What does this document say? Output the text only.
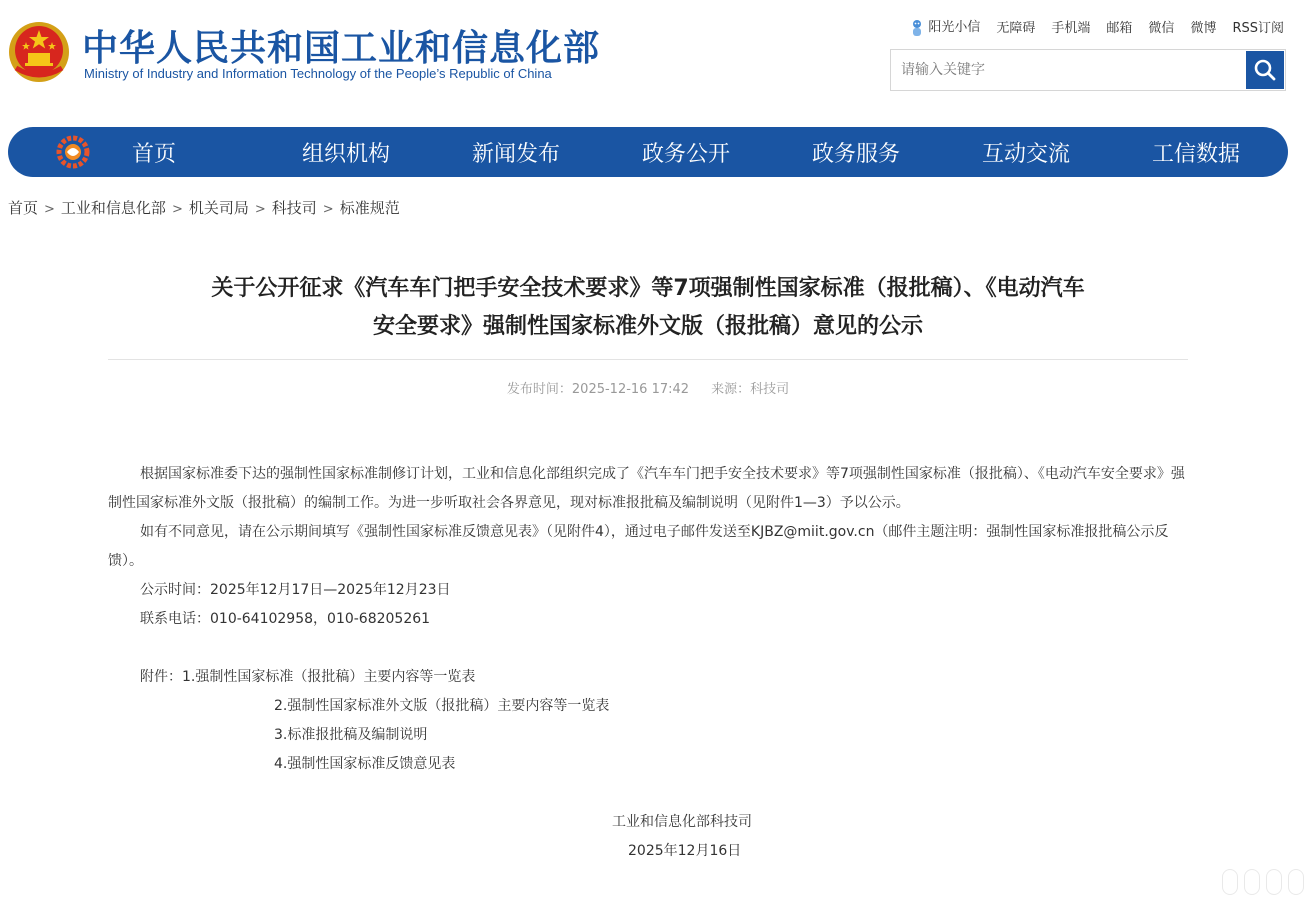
中华人民共和国工业和信息化部
Ministry of Industry and Information Technology of the People’s Republic of China
阳光小信 无障碍 手机端 邮箱 微信 微博 RSS订阅
请输入关键字
首页	组织机构	新闻发布	政务公开	政务服务	互动交流	工信数据
首页 > 工业和信息化部 > 机关司局 > 科技司 > 标准规范
关于公开征求《汽车车门把手安全技术要求》等7项强制性国家标准（报批稿）、《电动汽车
安全要求》强制性国家标准外文版（报批稿）意见的公示
发布时间：2025-12-16 17:42 来源：科技司

根据国家标准委下达的强制性国家标准制修订计划，工业和信息化部组织完成了《汽车车门把手安全技术要求》等7项强制性国家标准（报批稿）、《电动汽车安全要求》强制性国家标准外文版（报批稿）的编制工作。为进一步听取社会各界意见，现对标准报批稿及编制说明（见附件1—3）予以公示。

如有不同意见，请在公示期间填写《强制性国家标准反馈意见表》（见附件4），通过电子邮件发送至KJBZ@miit.gov.cn（邮件主题注明：强制性国家标准报批稿公示反馈）。

公示时间：2025年12月17日—2025年12月23日

联系电话：010-64102958，010-68205261

附件：1.强制性国家标准（报批稿）主要内容等一览表

2.强制性国家标准外文版（报批稿）主要内容等一览表

3.标准报批稿及编制说明

4.强制性国家标准反馈意见表

工业和信息化部科技司

2025年12月16日
